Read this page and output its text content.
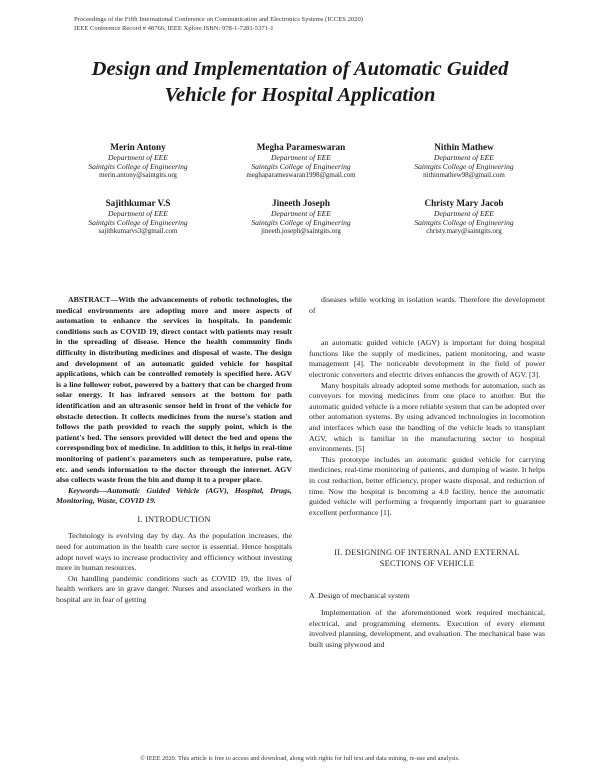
Proceedings of the Fifth International Conference on Communication and Electronics Systems (ICCES 2020)
IEEE Conference Record # 48766; IEEE Xplore ISBN: 978-1-7281-5371-1
Design and Implementation of Automatic Guided
Vehicle for Hospital Application
Merin Antony
Department of EEE
Saintgits College of Engineering
merin.antony@saintgits.org
Megha Parameswaran
Department of EEE
Saintgits College of Engineering
meghaparameswaran1998@gmail.com
Nithin Mathew
Department of EEE
Saintgits College of Engineering
nithinmathew98@gmail.com
Sajithkumar V.S
Department of EEE
Saintgits College of Engineering
sajithkumarvs3@gmail.com
Jineeth Joseph
Department of EEE
Saintgits College of Engineering
jineeth.joseph@saintgits.org
Christy Mary Jacob
Department of EEE
Saintgits College of Engineering
christy.mary@saintgits.org

ABSTRACT—With the advancements of robotic technologies, the medical environments are adopting more and more aspects of automation to enhance the services in hospitals. In pandemic conditions such as COVID 19, direct contact with patients may result in the spreading of disease. Hence the health community finds difficulty in distributing medicines and disposal of waste. The design and development of an automatic guided vehicle for hospital applications, which can be controlled remotely is specified here. AGV is a line follower robot, powered by a battery that can be charged from solar energy. It has infrared sensors at the bottom for path identification and an ultrasonic sensor held in front of the vehicle for obstacle detection. It collects medicines from the nurse's station and follows the path provided to reach the supply point, which is the patient's bed. The sensors provided will detect the bed and opens the corresponding box of medicine. In addition to this, it helps in real-time monitoring of patient's parameters such as temperature, pulse rate, etc. and sends information to the doctor through the internet. AGV also collects waste from the bin and dump it to a proper place.

Keywords—Automatic Guided Vehicle (AGV), Hospital, Drugs, Monitoring, Waste, COVID 19.

I. INTRODUCTION

Technology is evolving day by day. As the population increases, the need for automation in the health care sector is essential. Hence hospitals adopt novel ways to increase productivity and efficiency without investing more in human resources.

On handling pandemic conditions such as COVID 19, the lives of health workers are in grave danger. Nurses and associated workers in the hospital are in fear of getting

diseases while working in isolation wards. Therefore the development of

an automatic guided vehicle (AGV) is important for doing hospital functions like the supply of medicines, patient monitoring, and waste management [4]. The noticeable development in the field of power electronic converters and electric drives enhances the growth of AGV. [3].

Many hospitals already adopted some methods for automation, such as conveyors for moving medicines from one place to another. But the automatic guided vehicle is a more reliable system that can be adopted over other automation systems. By using advanced technologies in locomotion and interfaces which ease the handling of the vehicle leads to transplant AGV, which is familiar in the manufacturing sector to hospital environments. [5]

This prototype includes an automatic guided vehicle for carrying medicines, real-time monitoring of patients, and dumping of waste. It helps in cost reduction, better efficiency, proper waste disposal, and reduction of time. Now the hospital is becoming a 4.0 facility, hence the automatic guided vehicle will performing a frequently important part to guarantee excellent performance [1].

II. DESIGNING OF INTERNAL AND EXTERNAL
SECTIONS OF VEHICLE
A .Design of mechanical system

Implementation of the aforementioned work required mechanical, electrical, and programming elements. Execution of every element involved planning, development, and evaluation. The mechanical base was built using plywood and

© IEEE 2020. This article is free to access and download, along with rights for full text and data mining, re-use and analysis.
